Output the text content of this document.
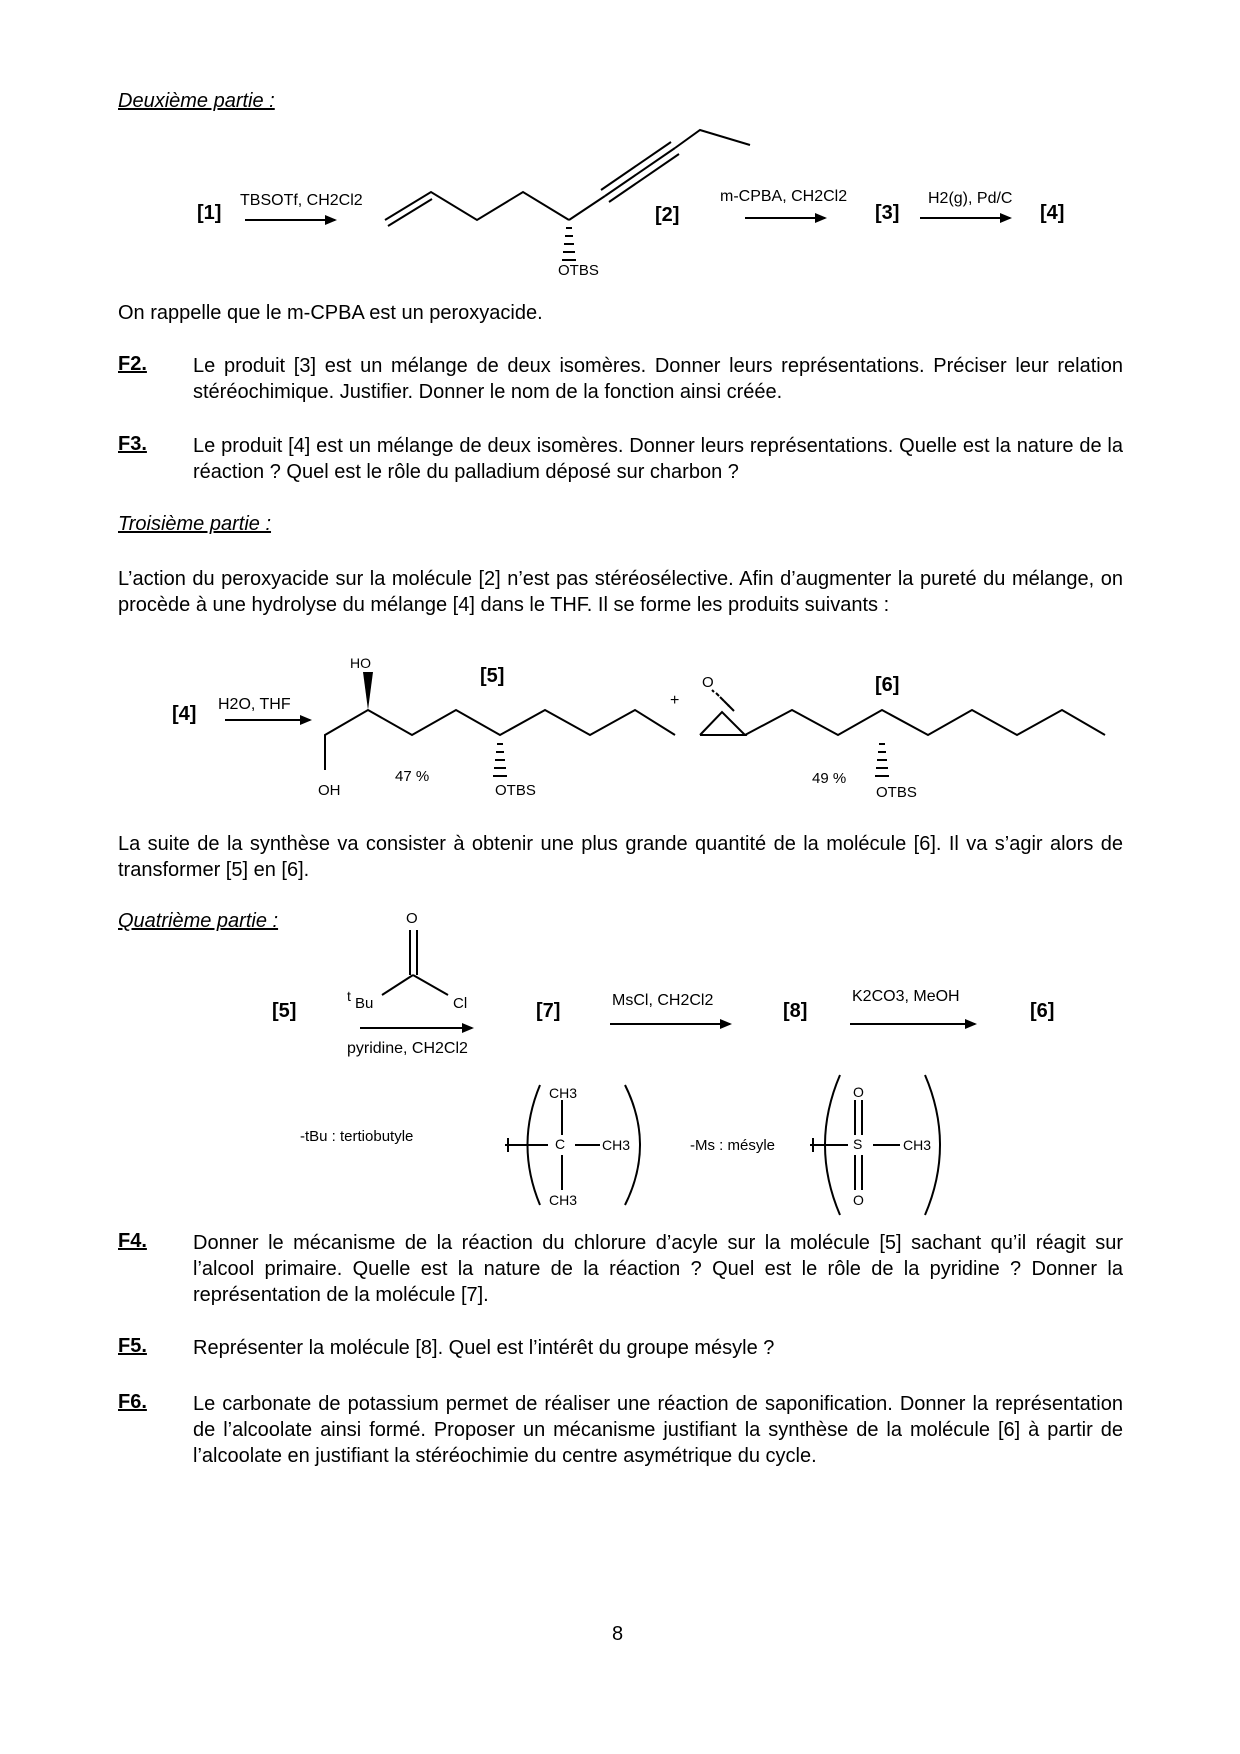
Deuxième partie :
[1]
TBSOTf, CH2Cl2
OTBS
[2]
m-CPBA, CH2Cl2
[3]
H2(g), Pd/C
[4]
On rappelle que le m-CPBA est un peroxyacide.
F2. Le produit [3] est un mélange de deux isomères. Donner leurs représentations. Préciser leur relation stéréochimique. Justifier. Donner le nom de la fonction ainsi créée.
F3. Le produit [4] est un mélange de deux isomères. Donner leurs représentations. Quelle est la nature de la réaction ? Quel est le rôle du palladium déposé sur charbon ?
Troisième partie :
L’action du peroxyacide sur la molécule [2] n’est pas stéréosélective. Afin d’augmenter la pureté du mélange, on procède à une hydrolyse du mélange [4] dans le THF. Il se forme les produits suivants :
[4] H2O, THF
HO
OH
[5]
47 %
OTBS
+
O	[6]
49 %
OTBS
La suite de la synthèse va consister à obtenir une plus grande quantité de la molécule [6]. Il va s’agir alors de transformer [5] en [6].
Quatrième partie :
[5]
O
t Bu	Cl
pyridine, CH2Cl2
[7]	MsCl, CH2Cl2	[8]
K2CO3, MeOH
[6]
-tBu : tertiobutyle
CH3
C	CH3
CH3
-Ms : mésyle
O
S	CH3
O
F4. Donner le mécanisme de la réaction du chlorure d’acyle sur la molécule [5] sachant qu’il réagit sur l’alcool primaire. Quelle est la nature de la réaction ? Quel est le rôle de la pyridine ? Donner la représentation de la molécule [7].
F5. Représenter la molécule [8]. Quel est l’intérêt du groupe mésyle ?
F6. Le carbonate de potassium permet de réaliser une réaction de saponification. Donner la représentation de l’alcoolate ainsi formé. Proposer un mécanisme justifiant la synthèse de la molécule [6] à partir de l’alcoolate en justifiant la stéréochimie du centre asymétrique du cycle.
8
